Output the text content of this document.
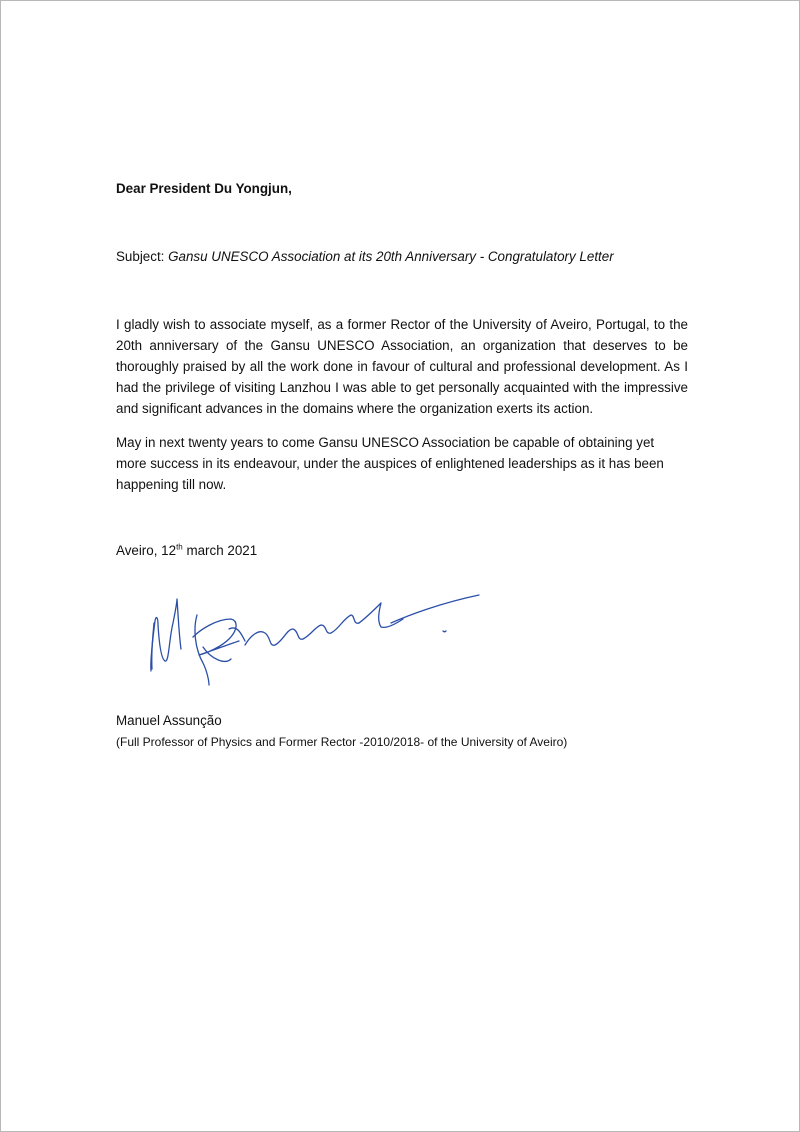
Dear President Du Yongjun,
Subject: Gansu UNESCO Association at its 20th Anniversary - Congratulatory Letter
I gladly wish to associate myself, as a former Rector of the University of Aveiro, Portugal, to the 20th anniversary of the Gansu UNESCO Association, an organization that deserves to be thoroughly praised by all the work done in favour of cultural and professional development. As I had the privilege of visiting Lanzhou I was able to get personally acquainted with the impressive and significant advances in the domains where the organization exerts its action.
May in next twenty years to come Gansu UNESCO Association be capable of obtaining yet more success in its endeavour, under the auspices of enlightened leaderships as it has been happening till now.
Aveiro, 12th march 2021
Manuel Assunção
(Full Professor of Physics and Former Rector -2010/2018- of the University of Aveiro)
